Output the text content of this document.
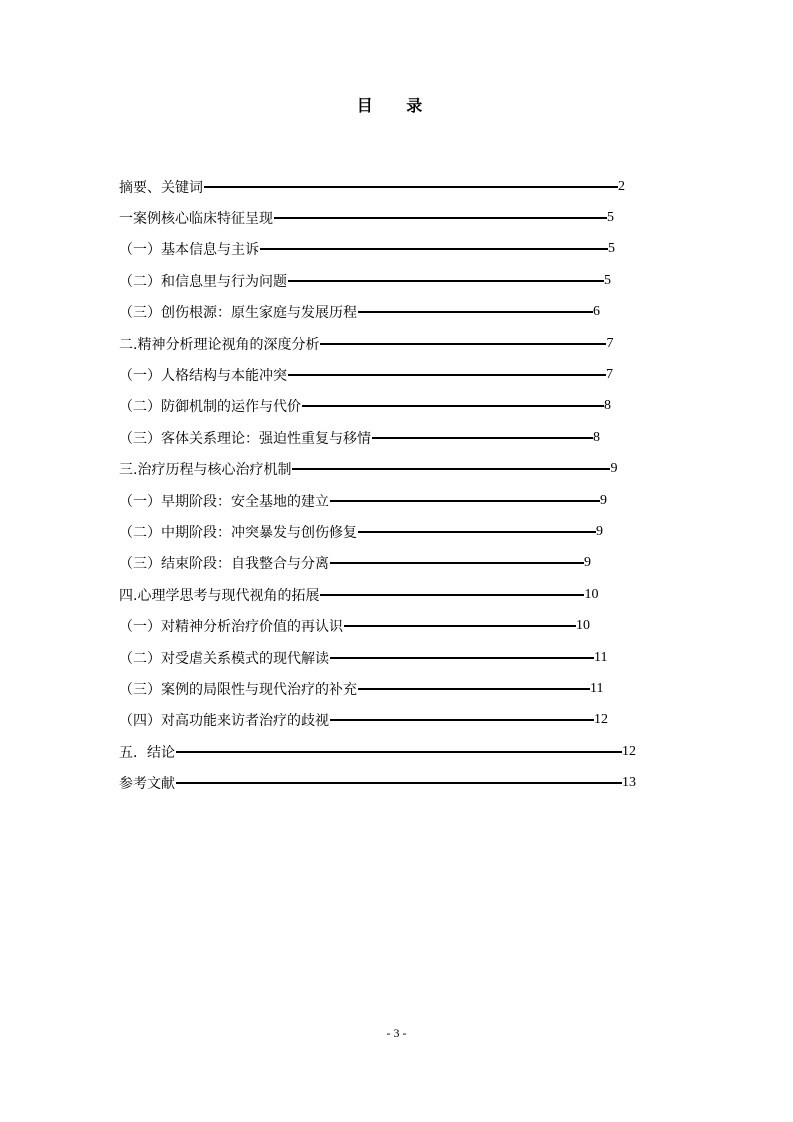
目 录
摘要、关键词	2
一案例核心临床特征呈现	5
（一）基本信息与主诉	5
（二）和信息里与行为问题	5
（三）创伤根源：原生家庭与发展历程	6
二.精神分析理论视角的深度分析	7
（一）人格结构与本能冲突	7
（二）防御机制的运作与代价	8
（三）客体关系理论：强迫性重复与移情	8
三.治疗历程与核心治疗机制	9
（一）早期阶段：安全基地的建立	9
（二）中期阶段：冲突暴发与创伤修复	9
（三）结束阶段：自我整合与分离	9
四.心理学思考与现代视角的拓展	10
（一）对精神分析治疗价值的再认识	10
（二）对受虐关系模式的现代解读	11
（三）案例的局限性与现代治疗的补充	11
（四）对高功能来访者治疗的歧视	12
五．结论	12
参考文献	13
- 3 -
